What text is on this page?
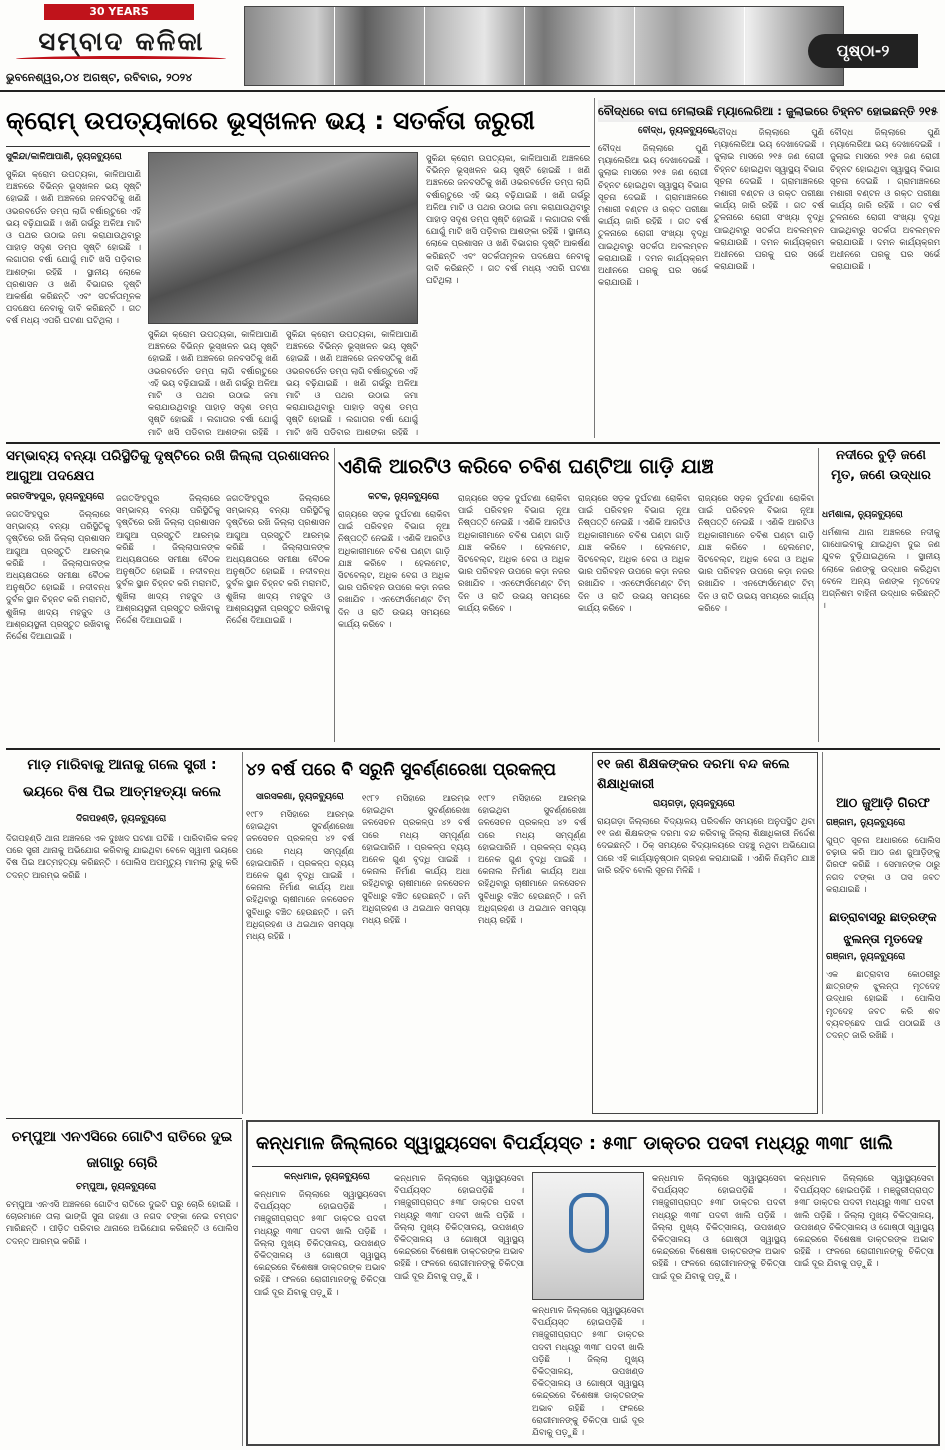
30 YEARS
ସମ୍ବାଦ କଳିକା
ଭୁବନେଶ୍ୱର,୦୪ ଅଗଷ୍ଟ, ରବିବାର, ୨୦୨୪
ପୃଷ୍ଠା-୨
କ୍ରୋମ୍ ଉପତ୍ୟକାରେ ଭୂସ୍ଖଳନ ଭୟ : ସତର୍କତା ଜରୁରୀ
ସୁକିନ୍ଦା/କାଳିଆପାଣି, ନ୍ୟୁଜବ୍ୟୁରୋ
ସୁକିନ୍ଦା କ୍ରୋମ ଉପତ୍ୟକା, କାଳିଆପାଣି ଅଞ୍ଚଳରେ ବିଭିନ୍ନ ଭୂସ୍ଖଳନ ଭୟ ସୃଷ୍ଟି ହୋଇଛି । ଖଣି ଅଞ୍ଚଳରେ ଜନବସତିକୁ ଖଣି ଓଭରବର୍ଡେନ ଡମ୍ପ ଲାଗି ବର୍ଷାଋତୁରେ ଏହି ଭୟ ବଢ଼ିଯାଇଛି । ଖଣି ଗର୍ଭରୁ ଅଳିଆ ମାଟି ଓ ପଥର ଉଠାଇ ଜମା କରାଯାଉଥିବାରୁ ପାହାଡ଼ ସଦୃଶ ଡମ୍ପ ସୃଷ୍ଟି ହୋଇଛି । ଲଗାତାର ବର୍ଷା ଯୋଗୁଁ ମାଟି ଖସି ପଡ଼ିବାର ଆଶଙ୍କା ରହିଛି । ସ୍ଥାନୀୟ ଲୋକେ ପ୍ରଶାସନ ଓ ଖଣି ବିଭାଗର ଦୃଷ୍ଟି ଆକର୍ଷଣ କରିଛନ୍ତି ଏବଂ ସତର୍କତାମୂଳକ ପଦକ୍ଷେପ ନେବାକୁ ଦାବି କରିଛନ୍ତି । ଗତ ବର୍ଷ ମଧ୍ୟ ଏପରି ଘଟଣା ଘଟିଥିଲା ।
ସୁକିନ୍ଦା କ୍ରୋମ ଉପତ୍ୟକା, କାଳିଆପାଣି ଅଞ୍ଚଳରେ ବିଭିନ୍ନ ଭୂସ୍ଖଳନ ଭୟ ସୃଷ୍ଟି ହୋଇଛି । ଖଣି ଅଞ୍ଚଳରେ ଜନବସତିକୁ ଖଣି ଓଭରବର୍ଡେନ ଡମ୍ପ ଲାଗି ବର୍ଷାଋତୁରେ ଏହି ଭୟ ବଢ଼ିଯାଇଛି । ଖଣି ଗର୍ଭରୁ ଅଳିଆ ମାଟି ଓ ପଥର ଉଠାଇ ଜମା କରାଯାଉଥିବାରୁ ପାହାଡ଼ ସଦୃଶ ଡମ୍ପ ସୃଷ୍ଟି ହୋଇଛି । ଲଗାତାର ବର୍ଷା ଯୋଗୁଁ ମାଟି ଖସି ପଡ଼ିବାର ଆଶଙ୍କା ରହିଛି ।
ସୁକିନ୍ଦା କ୍ରୋମ ଉପତ୍ୟକା, କାଳିଆପାଣି ଅଞ୍ଚଳରେ ବିଭିନ୍ନ ଭୂସ୍ଖଳନ ଭୟ ସୃଷ୍ଟି ହୋଇଛି । ଖଣି ଅଞ୍ଚଳରେ ଜନବସତିକୁ ଖଣି ଓଭରବର୍ଡେନ ଡମ୍ପ ଲାଗି ବର୍ଷାଋତୁରେ ଏହି ଭୟ ବଢ଼ିଯାଇଛି । ଖଣି ଗର୍ଭରୁ ଅଳିଆ ମାଟି ଓ ପଥର ଉଠାଇ ଜମା କରାଯାଉଥିବାରୁ ପାହାଡ଼ ସଦୃଶ ଡମ୍ପ ସୃଷ୍ଟି ହୋଇଛି । ଲଗାତାର ବର୍ଷା ଯୋଗୁଁ ମାଟି ଖସି ପଡ଼ିବାର ଆଶଙ୍କା ରହିଛି ।
ସୁକିନ୍ଦା କ୍ରୋମ ଉପତ୍ୟକା, କାଳିଆପାଣି ଅଞ୍ଚଳରେ ବିଭିନ୍ନ ଭୂସ୍ଖଳନ ଭୟ ସୃଷ୍ଟି ହୋଇଛି । ଖଣି ଅଞ୍ଚଳରେ ଜନବସତିକୁ ଖଣି ଓଭରବର୍ଡେନ ଡମ୍ପ ଲାଗି ବର୍ଷାଋତୁରେ ଏହି ଭୟ ବଢ଼ିଯାଇଛି । ଖଣି ଗର୍ଭରୁ ଅଳିଆ ମାଟି ଓ ପଥର ଉଠାଇ ଜମା କରାଯାଉଥିବାରୁ ପାହାଡ଼ ସଦୃଶ ଡମ୍ପ ସୃଷ୍ଟି ହୋଇଛି । ଲଗାତାର ବର୍ଷା ଯୋଗୁଁ ମାଟି ଖସି ପଡ଼ିବାର ଆଶଙ୍କା ରହିଛି । ସ୍ଥାନୀୟ ଲୋକେ ପ୍ରଶାସନ ଓ ଖଣି ବିଭାଗର ଦୃଷ୍ଟି ଆକର୍ଷଣ କରିଛନ୍ତି ଏବଂ ସତର୍କତାମୂଳକ ପଦକ୍ଷେପ ନେବାକୁ ଦାବି କରିଛନ୍ତି । ଗତ ବର୍ଷ ମଧ୍ୟ ଏପରି ଘଟଣା ଘଟିଥିଲା ।
ବୌଦ୍ଧରେ ବାଘ ମେଲାଉଛି ମ୍ୟାଲେରିଆ : ଜୁଲାଇରେ ଚିହ୍ନଟ ହୋଇଛନ୍ତି ୨୧୫
ବୌଦ୍ଧ, ନ୍ୟୁଜବ୍ୟୁରୋ
ବୌଦ୍ଧ ଜିଲ୍ଲାରେ ପୁଣି ମ୍ୟାଲେରିଆ ଭୟ ଦେଖାଦେଇଛି । ଜୁଲାଇ ମାସରେ ୨୧୫ ଜଣ ରୋଗୀ ଚିହ୍ନଟ ହୋଇଥିବା ସ୍ୱାସ୍ଥ୍ୟ ବିଭାଗ ସୂଚନା ଦେଇଛି । ଗ୍ରାମାଞ୍ଚଳରେ ମଶାରୀ ବଣ୍ଟନ ଓ ରକ୍ତ ପରୀକ୍ଷା କାର୍ଯ୍ୟ ଜାରି ରହିଛି । ଗତ ବର୍ଷ ତୁଳନାରେ ରୋଗୀ ସଂଖ୍ୟା ବୃଦ୍ଧି ପାଇଥିବାରୁ ସତର୍କତା ଅବଲମ୍ବନ କରାଯାଉଛି । ଦମନ କାର୍ଯ୍ୟକ୍ରମ ଅଧୀନରେ ଘରକୁ ଘର ସର୍ଭେ କରାଯାଉଛି ।
ବୌଦ୍ଧ ଜିଲ୍ଲାରେ ପୁଣି ମ୍ୟାଲେରିଆ ଭୟ ଦେଖାଦେଇଛି । ଜୁଲାଇ ମାସରେ ୨୧୫ ଜଣ ରୋଗୀ ଚିହ୍ନଟ ହୋଇଥିବା ସ୍ୱାସ୍ଥ୍ୟ ବିଭାଗ ସୂଚନା ଦେଇଛି । ଗ୍ରାମାଞ୍ଚଳରେ ମଶାରୀ ବଣ୍ଟନ ଓ ରକ୍ତ ପରୀକ୍ଷା କାର୍ଯ୍ୟ ଜାରି ରହିଛି । ଗତ ବର୍ଷ ତୁଳନାରେ ରୋଗୀ ସଂଖ୍ୟା ବୃଦ୍ଧି ପାଇଥିବାରୁ ସତର୍କତା ଅବଲମ୍ବନ କରାଯାଉଛି । ଦମନ କାର୍ଯ୍ୟକ୍ରମ ଅଧୀନରେ ଘରକୁ ଘର ସର୍ଭେ କରାଯାଉଛି ।
ବୌଦ୍ଧ ଜିଲ୍ଲାରେ ପୁଣି ମ୍ୟାଲେରିଆ ଭୟ ଦେଖାଦେଇଛି । ଜୁଲାଇ ମାସରେ ୨୧୫ ଜଣ ରୋଗୀ ଚିହ୍ନଟ ହୋଇଥିବା ସ୍ୱାସ୍ଥ୍ୟ ବିଭାଗ ସୂଚନା ଦେଇଛି । ଗ୍ରାମାଞ୍ଚଳରେ ମଶାରୀ ବଣ୍ଟନ ଓ ରକ୍ତ ପରୀକ୍ଷା କାର୍ଯ୍ୟ ଜାରି ରହିଛି । ଗତ ବର୍ଷ ତୁଳନାରେ ରୋଗୀ ସଂଖ୍ୟା ବୃଦ୍ଧି ପାଇଥିବାରୁ ସତର୍କତା ଅବଲମ୍ବନ କରାଯାଉଛି । ଦମନ କାର୍ଯ୍ୟକ୍ରମ ଅଧୀନରେ ଘରକୁ ଘର ସର୍ଭେ କରାଯାଉଛି ।
ସମ୍ଭାବ୍ୟ ବନ୍ୟା ପରିସ୍ଥିତିକୁ ଦୃଷ୍ଟିରେ ରଖି ଜିଲ୍ଲା ପ୍ରଶାସନର ଆଗୁଆ ପଦକ୍ଷେପ
ଜଗତସିଂହପୁର, ନ୍ୟୁଜବ୍ୟୁରୋ
ଜଗତସିଂହପୁର ଜିଲ୍ଲାରେ ସମ୍ଭାବ୍ୟ ବନ୍ୟା ପରିସ୍ଥିତିକୁ ଦୃଷ୍ଟିରେ ରଖି ଜିଲ୍ଲା ପ୍ରଶାସନ ଆଗୁଆ ପ୍ରସ୍ତୁତି ଆରମ୍ଭ କରିଛି । ଜିଲ୍ଲାପାଳଙ୍କ ଅଧ୍ୟକ୍ଷତାରେ ସମୀକ୍ଷା ବୈଠକ ଅନୁଷ୍ଠିତ ହୋଇଛି । ନଦୀବନ୍ଧ ଦୁର୍ବଳ ସ୍ଥାନ ଚିହ୍ନଟ କରି ମରାମତି, ଶୁଖିଲା ଖାଦ୍ୟ ମହଜୁଦ ଓ ଆଶ୍ରୟସ୍ଥଳୀ ପ୍ରସ୍ତୁତ ରଖିବାକୁ ନିର୍ଦ୍ଦେଶ ଦିଆଯାଇଛି ।
ଜଗତସିଂହପୁର ଜିଲ୍ଲାରେ ସମ୍ଭାବ୍ୟ ବନ୍ୟା ପରିସ୍ଥିତିକୁ ଦୃଷ୍ଟିରେ ରଖି ଜିଲ୍ଲା ପ୍ରଶାସନ ଆଗୁଆ ପ୍ରସ୍ତୁତି ଆରମ୍ଭ କରିଛି । ଜିଲ୍ଲାପାଳଙ୍କ ଅଧ୍ୟକ୍ଷତାରେ ସମୀକ୍ଷା ବୈଠକ ଅନୁଷ୍ଠିତ ହୋଇଛି । ନଦୀବନ୍ଧ ଦୁର୍ବଳ ସ୍ଥାନ ଚିହ୍ନଟ କରି ମରାମତି, ଶୁଖିଲା ଖାଦ୍ୟ ମହଜୁଦ ଓ ଆଶ୍ରୟସ୍ଥଳୀ ପ୍ରସ୍ତୁତ ରଖିବାକୁ ନିର୍ଦ୍ଦେଶ ଦିଆଯାଇଛି ।
ଜଗତସିଂହପୁର ଜିଲ୍ଲାରେ ସମ୍ଭାବ୍ୟ ବନ୍ୟା ପରିସ୍ଥିତିକୁ ଦୃଷ୍ଟିରେ ରଖି ଜିଲ୍ଲା ପ୍ରଶାସନ ଆଗୁଆ ପ୍ରସ୍ତୁତି ଆରମ୍ଭ କରିଛି । ଜିଲ୍ଲାପାଳଙ୍କ ଅଧ୍ୟକ୍ଷତାରେ ସମୀକ୍ଷା ବୈଠକ ଅନୁଷ୍ଠିତ ହୋଇଛି । ନଦୀବନ୍ଧ ଦୁର୍ବଳ ସ୍ଥାନ ଚିହ୍ନଟ କରି ମରାମତି, ଶୁଖିଲା ଖାଦ୍ୟ ମହଜୁଦ ଓ ଆଶ୍ରୟସ୍ଥଳୀ ପ୍ରସ୍ତୁତ ରଖିବାକୁ ନିର୍ଦ୍ଦେଶ ଦିଆଯାଇଛି ।
ଏଣିକି ଆରଟିଓ କରିବେ ଚବିଶ ଘଣ୍ଟିଆ ଗାଡ଼ି ଯାଞ୍ଚ
କଟକ, ନ୍ୟୁଜବ୍ୟୁରୋ
ରାଜ୍ୟରେ ସଡ଼କ ଦୁର୍ଘଟଣା ରୋକିବା ପାଇଁ ପରିବହନ ବିଭାଗ ନୂଆ ନିଷ୍ପତ୍ତି ନେଇଛି । ଏଣିକି ଆରଟିଓ ଅଧିକାରୀମାନେ ଚବିଶ ଘଣ୍ଟା ଗାଡ଼ି ଯାଞ୍ଚ କରିବେ । ହେଲମେଟ, ସିଟବେଲ୍ଟ, ଅଧିକ ବେଗ ଓ ଅଧିକ ଭାର ପରିବହନ ଉପରେ କଡ଼ା ନଜର ରଖାଯିବ । ଏନଫୋର୍ସମେଣ୍ଟ ଟିମ୍ ଦିନ ଓ ରାତି ଉଭୟ ସମୟରେ କାର୍ଯ୍ୟ କରିବେ ।
ରାଜ୍ୟରେ ସଡ଼କ ଦୁର୍ଘଟଣା ରୋକିବା ପାଇଁ ପରିବହନ ବିଭାଗ ନୂଆ ନିଷ୍ପତ୍ତି ନେଇଛି । ଏଣିକି ଆରଟିଓ ଅଧିକାରୀମାନେ ଚବିଶ ଘଣ୍ଟା ଗାଡ଼ି ଯାଞ୍ଚ କରିବେ । ହେଲମେଟ, ସିଟବେଲ୍ଟ, ଅଧିକ ବେଗ ଓ ଅଧିକ ଭାର ପରିବହନ ଉପରେ କଡ଼ା ନଜର ରଖାଯିବ । ଏନଫୋର୍ସମେଣ୍ଟ ଟିମ୍ ଦିନ ଓ ରାତି ଉଭୟ ସମୟରେ କାର୍ଯ୍ୟ କରିବେ ।
ରାଜ୍ୟରେ ସଡ଼କ ଦୁର୍ଘଟଣା ରୋକିବା ପାଇଁ ପରିବହନ ବିଭାଗ ନୂଆ ନିଷ୍ପତ୍ତି ନେଇଛି । ଏଣିକି ଆରଟିଓ ଅଧିକାରୀମାନେ ଚବିଶ ଘଣ୍ଟା ଗାଡ଼ି ଯାଞ୍ଚ କରିବେ । ହେଲମେଟ, ସିଟବେଲ୍ଟ, ଅଧିକ ବେଗ ଓ ଅଧିକ ଭାର ପରିବହନ ଉପରେ କଡ଼ା ନଜର ରଖାଯିବ । ଏନଫୋର୍ସମେଣ୍ଟ ଟିମ୍ ଦିନ ଓ ରାତି ଉଭୟ ସମୟରେ କାର୍ଯ୍ୟ କରିବେ ।
ରାଜ୍ୟରେ ସଡ଼କ ଦୁର୍ଘଟଣା ରୋକିବା ପାଇଁ ପରିବହନ ବିଭାଗ ନୂଆ ନିଷ୍ପତ୍ତି ନେଇଛି । ଏଣିକି ଆରଟିଓ ଅଧିକାରୀମାନେ ଚବିଶ ଘଣ୍ଟା ଗାଡ଼ି ଯାଞ୍ଚ କରିବେ । ହେଲମେଟ, ସିଟବେଲ୍ଟ, ଅଧିକ ବେଗ ଓ ଅଧିକ ଭାର ପରିବହନ ଉପରେ କଡ଼ା ନଜର ରଖାଯିବ । ଏନଫୋର୍ସମେଣ୍ଟ ଟିମ୍ ଦିନ ଓ ରାତି ଉଭୟ ସମୟରେ କାର୍ଯ୍ୟ କରିବେ ।
ନଦୀରେ ବୁଡ଼ି ଜଣେ ମୃତ, ଜଣେ ଉଦ୍ଧାର
ଧର୍ମଶାଳା, ନ୍ୟୁଜବ୍ୟୁରୋ
ଧର୍ମଶାଳା ଥାନା ଅଞ୍ଚଳରେ ନଦୀକୁ ଗାଧୋଇବାକୁ ଯାଇଥିବା ଦୁଇ ଜଣ ଯୁବକ ବୁଡ଼ିଯାଇଥିଲେ । ସ୍ଥାନୀୟ ଲୋକେ ଜଣଙ୍କୁ ଉଦ୍ଧାର କରିଥିବା ବେଳେ ଅନ୍ୟ ଜଣଙ୍କ ମୃତଦେହ ଅଗ୍ନିଶମ ବାହିନୀ ଉଦ୍ଧାର କରିଛନ୍ତି ।
ମାଡ଼ ମାରିବାକୁ ଆନାକୁ ଗଲେ ସ୍ତ୍ରୀ : ଭୟରେ ବିଷ ପିଇ ଆତ୍ମହତ୍ୟା କଲେ
ଦିଗପହଣ୍ଡି, ନ୍ୟୁଜବ୍ୟୁରୋ
ଦିଗପହଣ୍ଡି ଥାନା ଅଞ୍ଚଳରେ ଏକ ଦୁଃଖଦ ଘଟଣା ଘଟିଛି । ପାରିବାରିକ କଳହ ପରେ ସ୍ତ୍ରୀ ଥାନାକୁ ଅଭିଯୋଗ କରିବାକୁ ଯାଇଥିବା ବେଳେ ସ୍ୱାମୀ ଭୟରେ ବିଷ ପିଇ ଆତ୍ମହତ୍ୟା କରିଛନ୍ତି । ପୋଲିସ ଅପମୃତ୍ୟୁ ମାମଲା ରୁଜୁ କରି ତଦନ୍ତ ଆରମ୍ଭ କରିଛି ।
୪୨ ବର୍ଷ ପରେ ବି ସରୁନି ସୁବର୍ଣ୍ଣରେଖା ପ୍ରକଳ୍ପ
ସାରସକଣା, ନ୍ୟୁଜବ୍ୟୁରୋ
୧୯୮୨ ମସିହାରେ ଆରମ୍ଭ ହୋଇଥିବା ସୁବର୍ଣ୍ଣରେଖା ଜଳସେଚନ ପ୍ରକଳ୍ପ ୪୨ ବର୍ଷ ପରେ ମଧ୍ୟ ସମ୍ପୂର୍ଣ୍ଣ ହୋଇପାରିନି । ପ୍ରକଳ୍ପ ବ୍ୟୟ ଅନେକ ଗୁଣ ବୃଦ୍ଧି ପାଇଛି । କେନାଲ ନିର୍ମାଣ କାର୍ଯ୍ୟ ଅଧା ରହିଥିବାରୁ ଚାଷୀମାନେ ଜଳସେଚନ ସୁବିଧାରୁ ବଞ୍ଚିତ ହେଉଛନ୍ତି । ଜମି ଅଧିଗ୍ରହଣ ଓ ଥଇଥାନ ସମସ୍ୟା ମଧ୍ୟ ରହିଛି ।
୧୯୮୨ ମସିହାରେ ଆରମ୍ଭ ହୋଇଥିବା ସୁବର୍ଣ୍ଣରେଖା ଜଳସେଚନ ପ୍ରକଳ୍ପ ୪୨ ବର୍ଷ ପରେ ମଧ୍ୟ ସମ୍ପୂର୍ଣ୍ଣ ହୋଇପାରିନି । ପ୍ରକଳ୍ପ ବ୍ୟୟ ଅନେକ ଗୁଣ ବୃଦ୍ଧି ପାଇଛି । କେନାଲ ନିର୍ମାଣ କାର୍ଯ୍ୟ ଅଧା ରହିଥିବାରୁ ଚାଷୀମାନେ ଜଳସେଚନ ସୁବିଧାରୁ ବଞ୍ଚିତ ହେଉଛନ୍ତି । ଜମି ଅଧିଗ୍ରହଣ ଓ ଥଇଥାନ ସମସ୍ୟା ମଧ୍ୟ ରହିଛି ।
୧୯୮୨ ମସିହାରେ ଆରମ୍ଭ ହୋଇଥିବା ସୁବର୍ଣ୍ଣରେଖା ଜଳସେଚନ ପ୍ରକଳ୍ପ ୪୨ ବର୍ଷ ପରେ ମଧ୍ୟ ସମ୍ପୂର୍ଣ୍ଣ ହୋଇପାରିନି । ପ୍ରକଳ୍ପ ବ୍ୟୟ ଅନେକ ଗୁଣ ବୃଦ୍ଧି ପାଇଛି । କେନାଲ ନିର୍ମାଣ କାର୍ଯ୍ୟ ଅଧା ରହିଥିବାରୁ ଚାଷୀମାନେ ଜଳସେଚନ ସୁବିଧାରୁ ବଞ୍ଚିତ ହେଉଛନ୍ତି । ଜମି ଅଧିଗ୍ରହଣ ଓ ଥଇଥାନ ସମସ୍ୟା ମଧ୍ୟ ରହିଛି ।
୧୧ ଜଣ ଶିକ୍ଷକଙ୍କର ଦରମା ବନ୍ଦ କଲେ ଶିକ୍ଷାଧିକାରୀ
ରାୟଗଡ଼ା, ନ୍ୟୁଜବ୍ୟୁରୋ
ରାୟଗଡ଼ା ଜିଲ୍ଲାରେ ବିଦ୍ୟାଳୟ ପରିଦର୍ଶନ ସମୟରେ ଅନୁପସ୍ଥିତ ଥିବା ୧୧ ଜଣ ଶିକ୍ଷକଙ୍କ ଦରମା ବନ୍ଦ କରିବାକୁ ଜିଲ୍ଲା ଶିକ୍ଷାଧିକାରୀ ନିର୍ଦ୍ଦେଶ ଦେଇଛନ୍ତି । ଠିକ୍ ସମୟରେ ବିଦ୍ୟାଳୟରେ ପହଞ୍ଚୁ ନଥିବା ଅଭିଯୋଗ ପରେ ଏହି କାର୍ଯ୍ୟାନୁଷ୍ଠାନ ଗ୍ରହଣ କରାଯାଇଛି । ଏଣିକି ନିୟମିତ ଯାଞ୍ଚ ଜାରି ରହିବ ବୋଲି ସୂଚନା ମିଳିଛି ।
ଆଠ ଜୁଆଡ଼ି ଗିରଫ
ଗଞ୍ଜାମ, ନ୍ୟୁଜବ୍ୟୁରୋ
ଗୁପ୍ତ ସୂଚନା ଆଧାରରେ ପୋଲିସ ଚଢ଼ାଉ କରି ଆଠ ଜଣ ଜୁଆଡ଼ିଙ୍କୁ ଗିରଫ କରିଛି । ସେମାନଙ୍କ ଠାରୁ ନଗଦ ଟଙ୍କା ଓ ତାସ ଜବତ କରାଯାଇଛି ।
ଛାତ୍ରାବାସରୁ ଛାତ୍ରଙ୍କ ଝୁଲନ୍ତା ମୃତଦେହ
ଗଞ୍ଜାମ, ନ୍ୟୁଜବ୍ୟୁରୋ
ଏକ ଛାତ୍ରାବାସ କୋଠରୀରୁ ଛାତ୍ରଙ୍କ ଝୁଲନ୍ତା ମୃତଦେହ ଉଦ୍ଧାର ହୋଇଛି । ପୋଲିସ ମୃତଦେହ ଜବତ କରି ଶବ ବ୍ୟବଚ୍ଛେଦ ପାଇଁ ପଠାଇଛି ଓ ତଦନ୍ତ ଜାରି ରଖିଛି ।
ଚମ୍ପୁଆ ଏନଏସିରେ ଗୋଟିଏ ରାତିରେ ଦୁଇ ଜାଗାରୁ ଚୋରି
ଚମ୍ପୁଆ, ନ୍ୟୁଜବ୍ୟୁରୋ
ଚମ୍ପୁଆ ଏନଏସି ଅଞ୍ଚଳରେ ଗୋଟିଏ ରାତିରେ ଦୁଇଟି ଘରୁ ଚୋରି ହୋଇଛି । ଚୋରମାନେ ତାଲା ଭାଙ୍ଗି ସୁନା ଗହଣା ଓ ନଗଦ ଟଙ୍କା ନେଇ ଚମ୍ପଟ ମାରିଛନ୍ତି । ପୀଡ଼ିତ ପରିବାର ଥାନାରେ ଅଭିଯୋଗ କରିଛନ୍ତି ଓ ପୋଲିସ ତଦନ୍ତ ଆରମ୍ଭ କରିଛି ।
କନ୍ଧମାଳ ଜିଲ୍ଲାରେ ସ୍ୱାସ୍ଥ୍ୟସେବା ବିପର୍ଯ୍ୟସ୍ତ : ୫୩୮ ଡାକ୍ତର ପଦବୀ ମଧ୍ୟରୁ ୩୩୮ ଖାଲି
କନ୍ଧମାଳ, ନ୍ୟୁଜବ୍ୟୁରୋ
କନ୍ଧମାଳ ଜିଲ୍ଲାରେ ସ୍ୱାସ୍ଥ୍ୟସେବା ବିପର୍ଯ୍ୟସ୍ତ ହୋଇପଡ଼ିଛି । ମଞ୍ଜୁରୀପ୍ରାପ୍ତ ୫୩୮ ଡାକ୍ତର ପଦବୀ ମଧ୍ୟରୁ ୩୩୮ ପଦବୀ ଖାଲି ପଡ଼ିଛି । ଜିଲ୍ଲା ମୁଖ୍ୟ ଚିକିତ୍ସାଳୟ, ଉପଖଣ୍ଡ ଚିକିତ୍ସାଳୟ ଓ ଗୋଷ୍ଠୀ ସ୍ୱାସ୍ଥ୍ୟ କେନ୍ଦ୍ରରେ ବିଶେଷଜ୍ଞ ଡାକ୍ତରଙ୍କ ଅଭାବ ରହିଛି । ଫଳରେ ରୋଗୀମାନଙ୍କୁ ଚିକିତ୍ସା ପାଇଁ ଦୂର ଯିବାକୁ ପଡ଼ୁଛି ।
କନ୍ଧମାଳ ଜିଲ୍ଲାରେ ସ୍ୱାସ୍ଥ୍ୟସେବା ବିପର୍ଯ୍ୟସ୍ତ ହୋଇପଡ଼ିଛି । ମଞ୍ଜୁରୀପ୍ରାପ୍ତ ୫୩୮ ଡାକ୍ତର ପଦବୀ ମଧ୍ୟରୁ ୩୩୮ ପଦବୀ ଖାଲି ପଡ଼ିଛି । ଜିଲ୍ଲା ମୁଖ୍ୟ ଚିକିତ୍ସାଳୟ, ଉପଖଣ୍ଡ ଚିକିତ୍ସାଳୟ ଓ ଗୋଷ୍ଠୀ ସ୍ୱାସ୍ଥ୍ୟ କେନ୍ଦ୍ରରେ ବିଶେଷଜ୍ଞ ଡାକ୍ତରଙ୍କ ଅଭାବ ରହିଛି । ଫଳରେ ରୋଗୀମାନଙ୍କୁ ଚିକିତ୍ସା ପାଇଁ ଦୂର ଯିବାକୁ ପଡ଼ୁଛି ।
କନ୍ଧମାଳ ଜିଲ୍ଲାରେ ସ୍ୱାସ୍ଥ୍ୟସେବା ବିପର୍ଯ୍ୟସ୍ତ ହୋଇପଡ଼ିଛି । ମଞ୍ଜୁରୀପ୍ରାପ୍ତ ୫୩୮ ଡାକ୍ତର ପଦବୀ ମଧ୍ୟରୁ ୩୩୮ ପଦବୀ ଖାଲି ପଡ଼ିଛି । ଜିଲ୍ଲା ମୁଖ୍ୟ ଚିକିତ୍ସାଳୟ, ଉପଖଣ୍ଡ ଚିକିତ୍ସାଳୟ ଓ ଗୋଷ୍ଠୀ ସ୍ୱାସ୍ଥ୍ୟ କେନ୍ଦ୍ରରେ ବିଶେଷଜ୍ଞ ଡାକ୍ତରଙ୍କ ଅଭାବ ରହିଛି । ଫଳରେ ରୋଗୀମାନଙ୍କୁ ଚିକିତ୍ସା ପାଇଁ ଦୂର ଯିବାକୁ ପଡ଼ୁଛି ।
କନ୍ଧମାଳ ଜିଲ୍ଲାରେ ସ୍ୱାସ୍ଥ୍ୟସେବା ବିପର୍ଯ୍ୟସ୍ତ ହୋଇପଡ଼ିଛି । ମଞ୍ଜୁରୀପ୍ରାପ୍ତ ୫୩୮ ଡାକ୍ତର ପଦବୀ ମଧ୍ୟରୁ ୩୩୮ ପଦବୀ ଖାଲି ପଡ଼ିଛି । ଜିଲ୍ଲା ମୁଖ୍ୟ ଚିକିତ୍ସାଳୟ, ଉପଖଣ୍ଡ ଚିକିତ୍ସାଳୟ ଓ ଗୋଷ୍ଠୀ ସ୍ୱାସ୍ଥ୍ୟ କେନ୍ଦ୍ରରେ ବିଶେଷଜ୍ଞ ଡାକ୍ତରଙ୍କ ଅଭାବ ରହିଛି । ଫଳରେ ରୋଗୀମାନଙ୍କୁ ଚିକିତ୍ସା ପାଇଁ ଦୂର ଯିବାକୁ ପଡ଼ୁଛି ।
କନ୍ଧମାଳ ଜିଲ୍ଲାରେ ସ୍ୱାସ୍ଥ୍ୟସେବା ବିପର୍ଯ୍ୟସ୍ତ ହୋଇପଡ଼ିଛି । ମଞ୍ଜୁରୀପ୍ରାପ୍ତ ୫୩୮ ଡାକ୍ତର ପଦବୀ ମଧ୍ୟରୁ ୩୩୮ ପଦବୀ ଖାଲି ପଡ଼ିଛି । ଜିଲ୍ଲା ମୁଖ୍ୟ ଚିକିତ୍ସାଳୟ, ଉପଖଣ୍ଡ ଚିକିତ୍ସାଳୟ ଓ ଗୋଷ୍ଠୀ ସ୍ୱାସ୍ଥ୍ୟ କେନ୍ଦ୍ରରେ ବିଶେଷଜ୍ଞ ଡାକ୍ତରଙ୍କ ଅଭାବ ରହିଛି । ଫଳରେ ରୋଗୀମାନଙ୍କୁ ଚିକିତ୍ସା ପାଇଁ ଦୂର ଯିବାକୁ ପଡ଼ୁଛି ।
